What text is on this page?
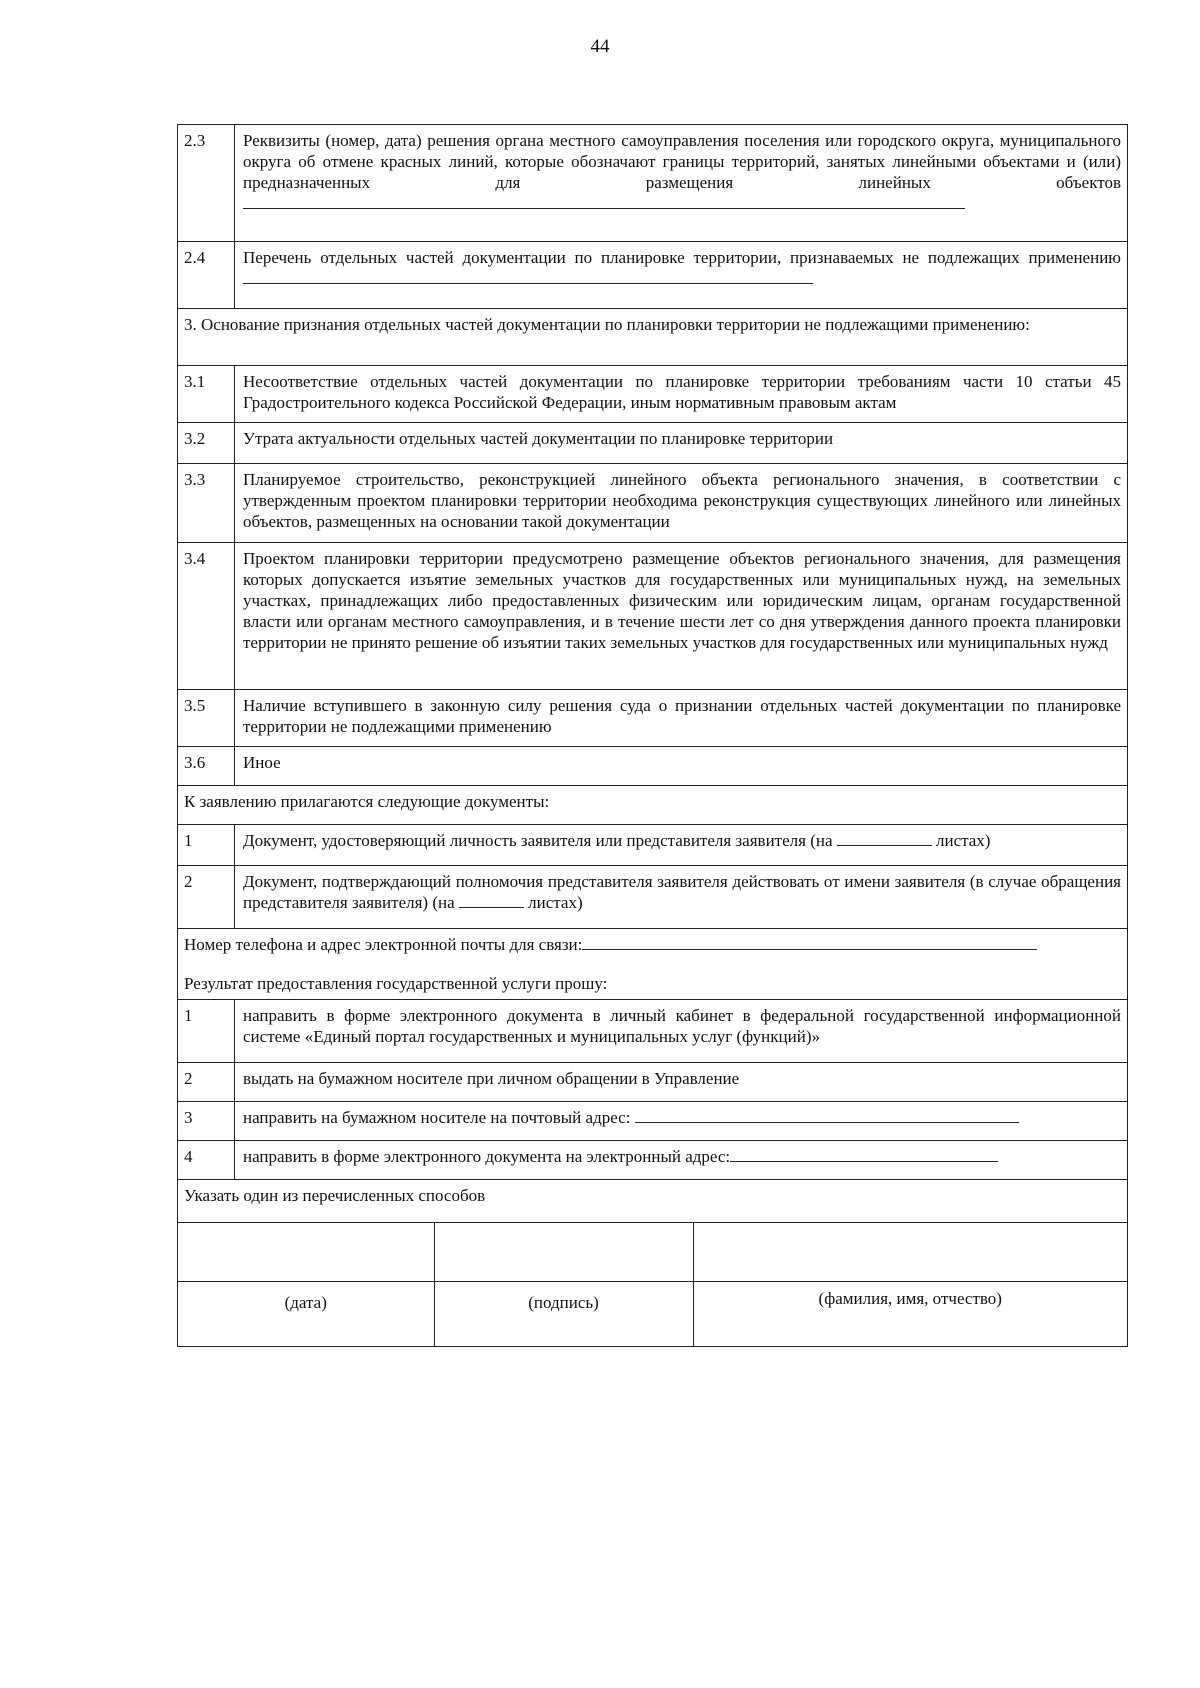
44
2.3	Реквизиты (номер, дата) решения органа местного самоуправления поселения или городского округа, муниципального округа об отмене красных линий, которые обозначают границы территорий, занятых линейными объектами и (или) предназначенных для размещения линейных объектов
2.4	Перечень отдельных частей документации по планировке территории, признаваемых не подлежащих применению
3. Основание признания отдельных частей документации по планировки территории не подлежащими применению:
3.1	Несоответствие отдельных частей документации по планировке территории требованиям части 10 статьи 45 Градостроительного кодекса Российской Федерации, иным нормативным правовым актам
3.2	Утрата актуальности отдельных частей документации по планировке территории
3.3	Планируемое строительство, реконструкцией линейного объекта регионального значения, в соответствии с утвержденным проектом планировки территории необходима реконструкция существующих линейного или линейных объектов, размещенных на основании такой документации
3.4	Проектом планировки территории предусмотрено размещение объектов регионального значения, для размещения которых допускается изъятие земельных участков для государственных или муниципальных нужд, на земельных участках, принадлежащих либо предоставленных физическим или юридическим лицам, органам государственной власти или органам местного самоуправления, и в течение шести лет со дня утверждения данного проекта планировки территории не принято решение об изъятии таких земельных участков для государственных или муниципальных нужд
3.5	Наличие вступившего в законную силу решения суда о признании отдельных частей документации по планировке территории не подлежащими применению
3.6	Иное
К заявлению прилагаются следующие документы:
1	Документ, удостоверяющий личность заявителя или представителя заявителя (на	листах)
2	Документ, подтверждающий полномочия представителя заявителя действовать от имени заявителя (в случае обращения представителя заявителя) (на	листах)

Номер телефона и адрес электронной почты для связи:
Результат предоставления государственной услуги прошу:

1	направить в форме электронного документа в личный кабинет в федеральной государственной информационной системе «Единый портал государственных и муниципальных услуг (функций)»
2	выдать на бумажном носителе при личном обращении в Управление
3	направить на бумажном носителе на почтовый адрес:
4	направить в форме электронного документа на электронный адрес:
Указать один из перечисленных способов

(дата)	(подпись)	(фамилия, имя, отчество)
